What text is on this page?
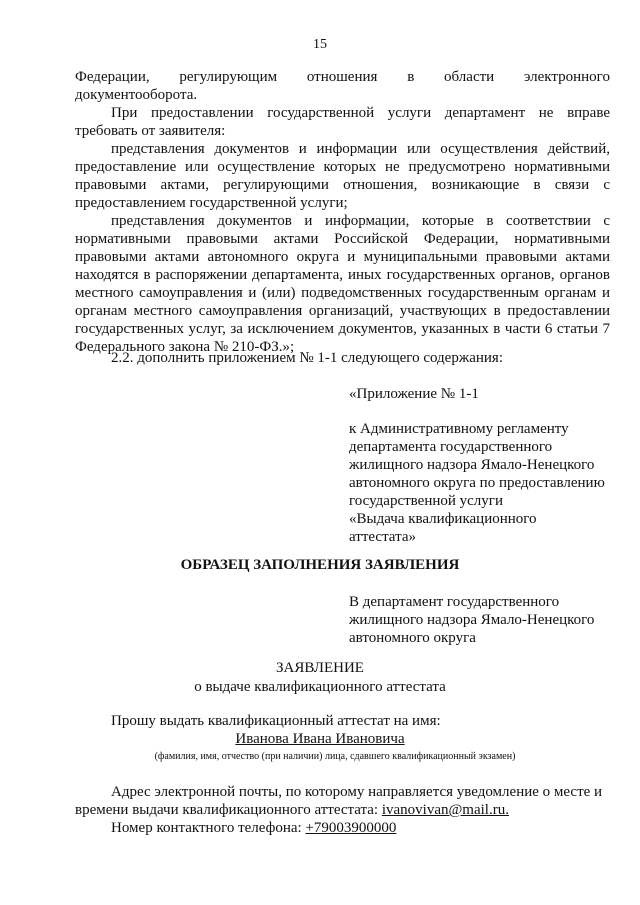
15
Федерации, регулирующим отношения в области электронного
документооборота.

При предоставлении государственной услуги департамент не вправе требовать от заявителя:

представления документов и информации или осуществления действий, предоставление или осуществление которых не предусмотрено нормативными правовыми актами, регулирующими отношения, возникающие в связи с предоставлением государственной услуги;

представления документов и информации, которые в соответствии с нормативными правовыми актами Российской Федерации, нормативными правовыми актами автономного округа и муниципальными правовыми актами находятся в распоряжении департамента, иных государственных органов, органов местного самоуправления и (или) подведомственных государственным органам и органам местного самоуправления организаций, участвующих в предоставлении государственных услуг, за исключением документов, указанных в части 6 статьи 7 Федерального закона № 210-ФЗ.»;

2.2. дополнить приложением № 1-1 следующего содержания:

«Приложение № 1-1
к Административному регламенту
департамента государственного
жилищного надзора Ямало-Ненецкого
автономного округа по предоставлению
государственной услуги
«Выдача квалификационного
аттестата»
ОБРАЗЕЦ ЗАПОЛНЕНИЯ ЗАЯВЛЕНИЯ
В департамент государственного
жилищного надзора Ямало-Ненецкого
автономного округа
ЗАЯВЛЕНИЕ
о выдаче квалификационного аттестата
Прошу выдать квалификационный аттестат на имя:
Иванова Ивана Ивановича
(фамилия, имя, отчество (при наличии) лица, сдавшего квалификационный экзамен)
Адрес электронной почты, по которому направляется уведомление о месте и
времени выдачи квалификационного аттестата: ivanovivan@mail.ru.
Номер контактного телефона: +79003900000
